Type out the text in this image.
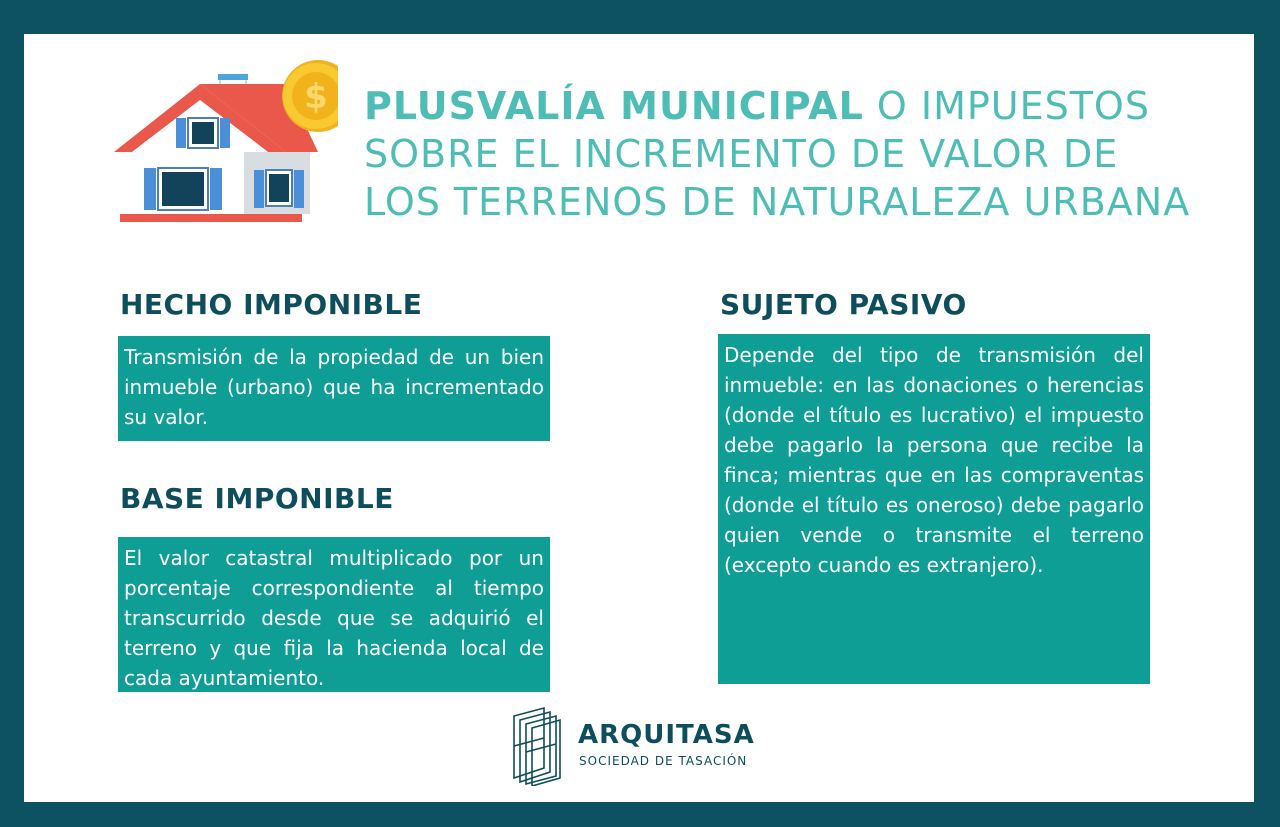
$ PLUSVALÍA MUNICIPAL O IMPUESTOS
SOBRE EL INCREMENTO DE VALOR DE
LOS TERRENOS DE NATURALEZA URBANA
HECHO IMPONIBLE
Transmisión de la propiedad de un bien inmueble (urbano) que ha incrementado su valor.
BASE IMPONIBLE
El valor catastral multiplicado por un porcentaje correspondiente al tiempo transcurrido desde que se adquirió el terreno y que fija la hacienda local de cada ayuntamiento.
SUJETO PASIVO
Depende del tipo de transmisión del inmueble: en las donaciones o herencias (donde el título es lucrativo) el impuesto debe pagarlo la persona que recibe la finca; mientras que en las compraventas (donde el título es oneroso) debe pagarlo quien vende o transmite el terreno (excepto cuando es extranjero).
ARQUITASA
SOCIEDAD DE TASACIÓN
